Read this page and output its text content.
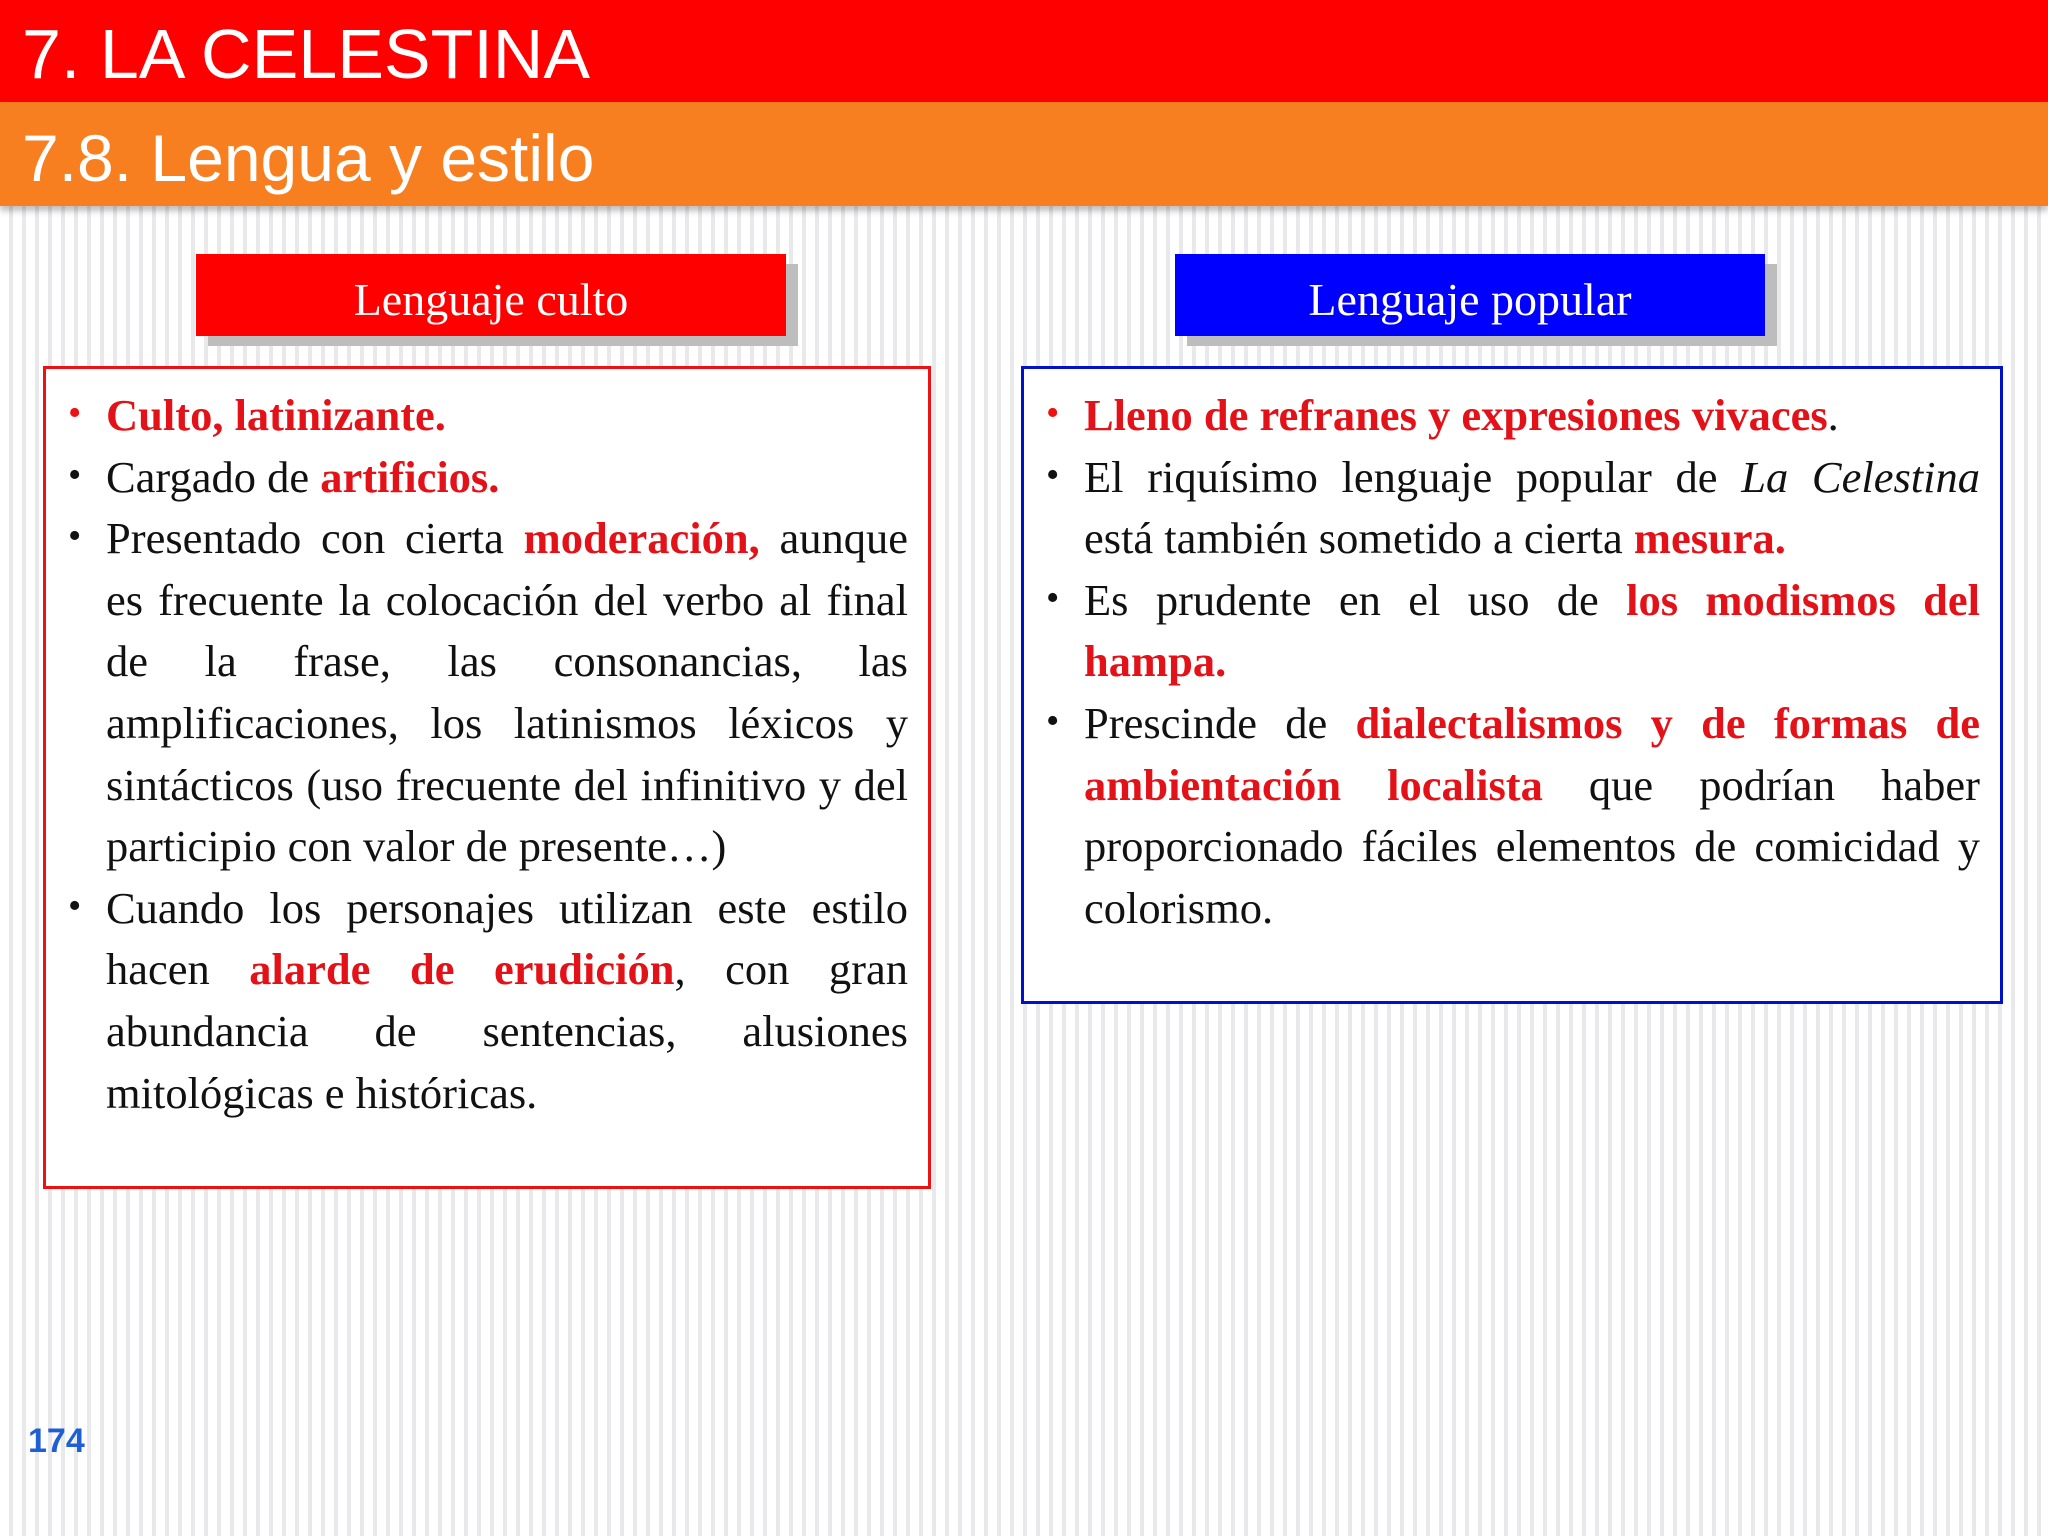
7. LA CELESTINA
7.8. Lengua y estilo
Lenguaje culto	Lenguaje popular
• Culto, latinizante.
• Cargado de artificios.
• Presentado con cierta moderación, aunque es frecuente la colocación del verbo al final de la frase, las consonancias, las amplificaciones, los latinismos léxicos y sintácticos (uso frecuente del infinitivo y del participio con valor de presente…)
• Cuando los personajes utilizan este estilo hacen alarde de erudición, con gran abundancia de sentencias, alusiones mitológicas e históricas.
• Lleno de refranes y expresiones vivaces.
• El riquísimo lenguaje popular de La Celestina está también sometido a cierta mesura.
• Es prudente en el uso de los modismos del hampa.
• Prescinde de dialectalismos y de formas de ambientación localista que podrían haber proporcionado fáciles elementos de comicidad y colorismo.
174
